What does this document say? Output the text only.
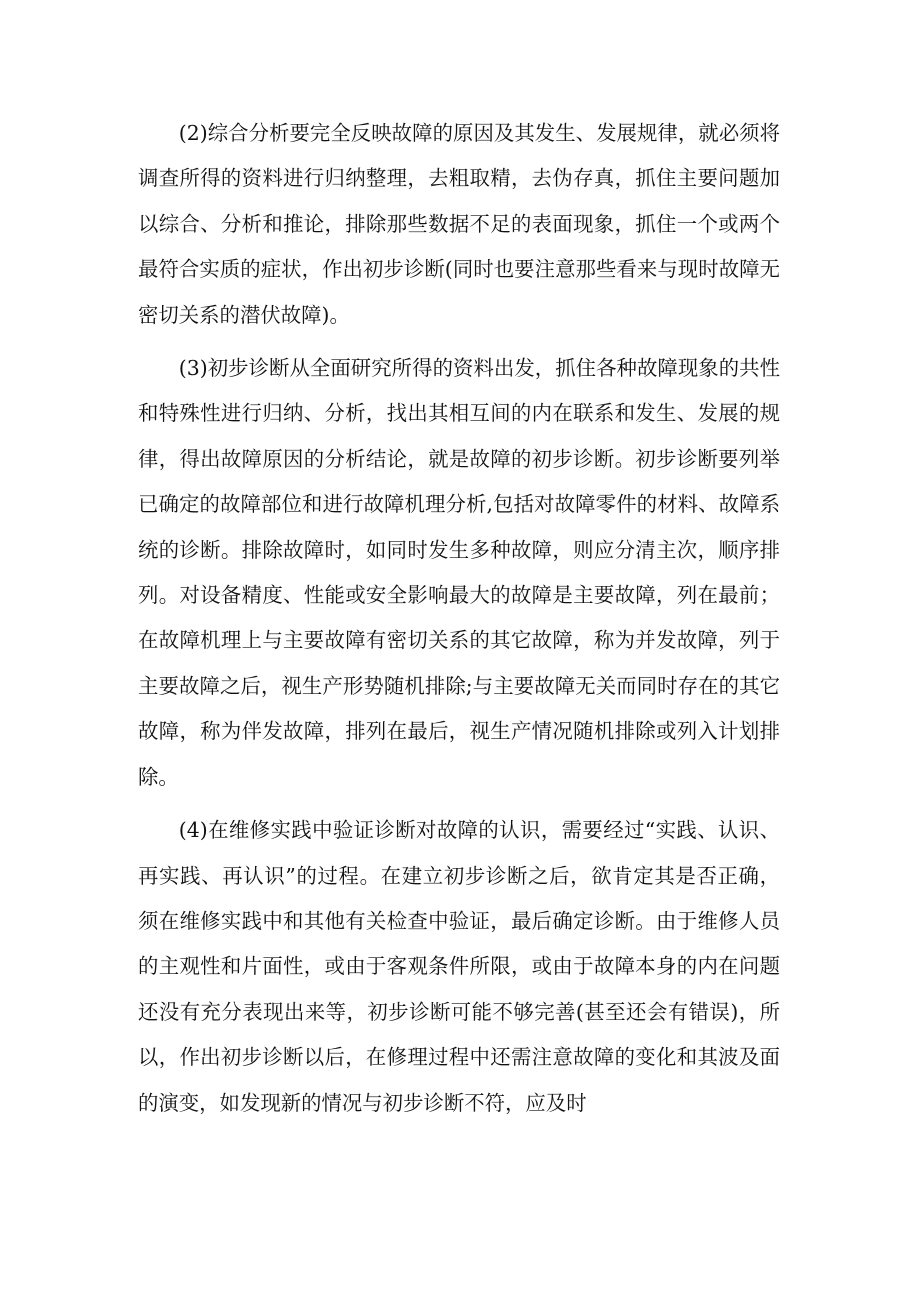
(2)综合分析要完全反映故障的原因及其发生、发展规律，就必须将调查所得的资料进行归纳整理，去粗取精，去伪存真，抓住主要问题加以综合、分析和推论，排除那些数据不足的表面现象，抓住一个或两个最符合实质的症状，作出初步诊断(同时也要注意那些看来与现时故障无密切关系的潜伏故障)。

(3)初步诊断从全面研究所得的资料出发，抓住各种故障现象的共性和特殊性进行归纳、分析，找出其相互间的内在联系和发生、发展的规律，得出故障原因的分析结论，就是故障的初步诊断。初步诊断要列举已确定的故障部位和进行故障机理分析,包括对故障零件的材料、故障系统的诊断。排除故障时，如同时发生多种故障，则应分清主次，顺序排列。对设备精度、性能或安全影响最大的故障是主要故障，列在最前；在故障机理上与主要故障有密切关系的其它故障，称为并发故障，列于主要故障之后，视生产形势随机排除;与主要故障无关而同时存在的其它故障，称为伴发故障，排列在最后，视生产情况随机排除或列入计划排除。

(4)在维修实践中验证诊断对故障的认识，需要经过“实践、认识、再实践、再认识”的过程。在建立初步诊断之后，欲肯定其是否正确，须在维修实践中和其他有关检查中验证，最后确定诊断。由于维修人员的主观性和片面性，或由于客观条件所限，或由于故障本身的内在问题还没有充分表现出来等，初步诊断可能不够完善(甚至还会有错误)，所以，作出初步诊断以后，在修理过程中还需注意故障的变化和其波及面的演变，如发现新的情况与初步诊断不符，应及时
